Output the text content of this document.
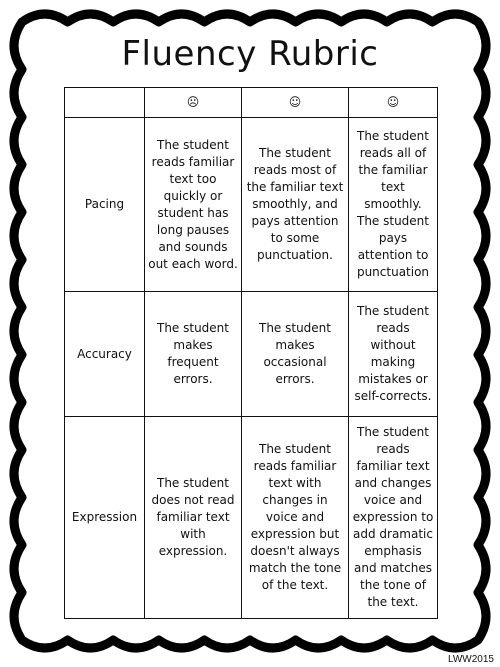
Fluency Rubric
	☹	☺	☺
Pacing	The student reads familiar text too quickly or student has long pauses and sounds out each word.	The student reads most of the familiar text smoothly, and pays attention to some punctuation.	The student reads all of the familiar text smoothly. The student pays attention to punctuation
Accuracy	The student makes frequent errors.	The student makes occasional errors.	The student reads without making mistakes or self-corrects.
Expression	The student does not read familiar text with expression.	The student reads familiar text with changes in voice and expression but doesn't always match the tone of the text.	The student reads familiar text and changes voice and expression to add dramatic emphasis and matches the tone of the text.
LWW2015
